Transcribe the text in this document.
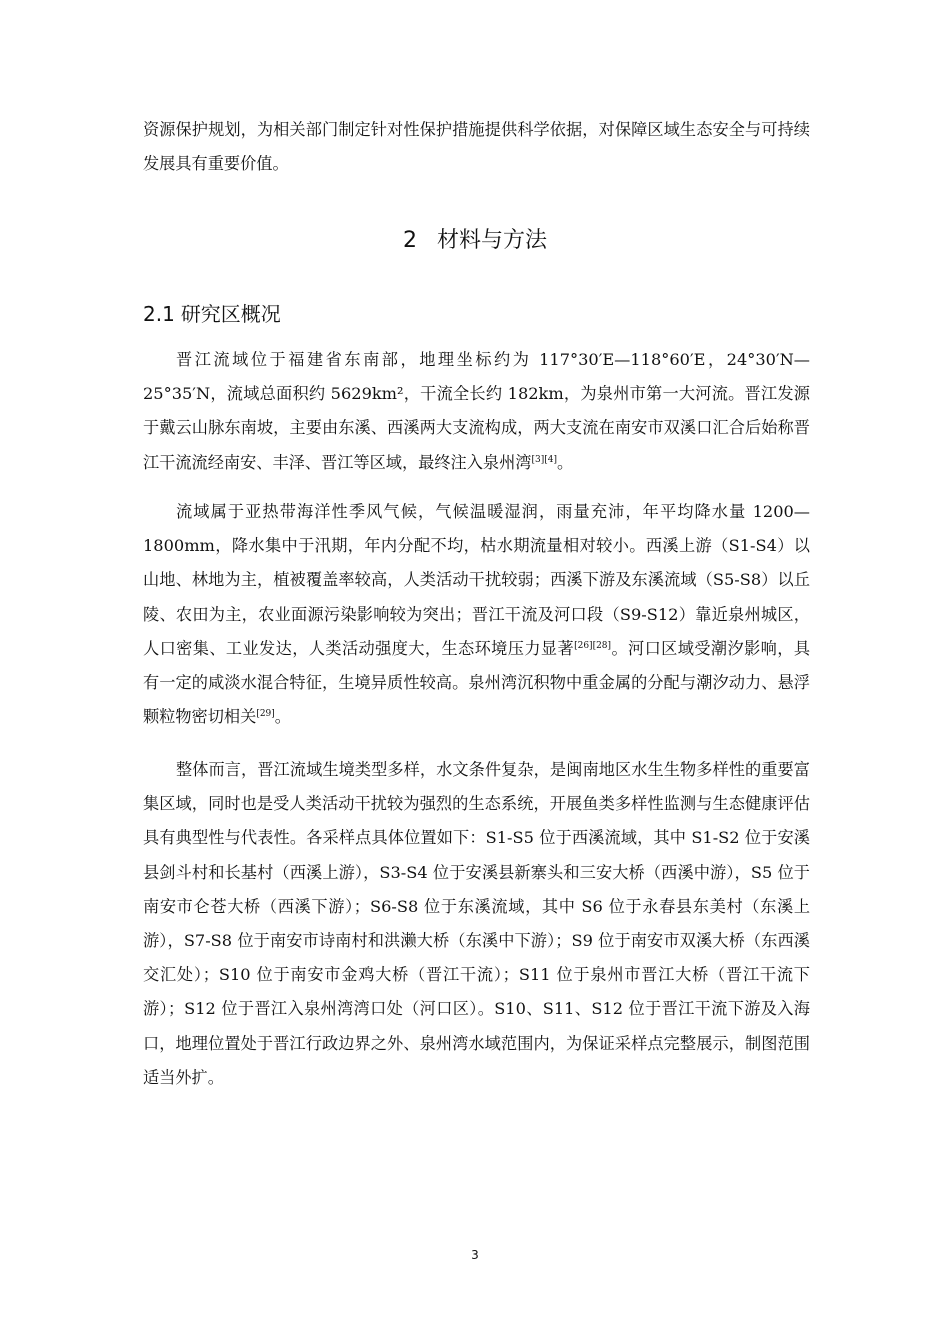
资源保护规划，为相关部门制定针对性保护措施提供科学依据，对保障区域生态安全与可持续发展具有重要价值。

2 材料与方法
2.1 研究区概况

晋江流域位于福建省东南部，地理坐标约为 117°30′E—118°60′E，24°30′N—25°35′N，流域总面积约 5629km²，干流全长约 182km，为泉州市第一大河流。晋江发源于戴云山脉东南坡，主要由东溪、西溪两大支流构成，两大支流在南安市双溪口汇合后始称晋江干流流经南安、丰泽、晋江等区域，最终注入泉州湾[3][4]。

流域属于亚热带海洋性季风气候，气候温暖湿润，雨量充沛，年平均降水量 1200—1800mm，降水集中于汛期，年内分配不均，枯水期流量相对较小。西溪上游（S1-S4）以山地、林地为主，植被覆盖率较高，人类活动干扰较弱；西溪下游及东溪流域（S5-S8）以丘陵、农田为主，农业面源污染影响较为突出；晋江干流及河口段（S9-S12）靠近泉州城区，人口密集、工业发达，人类活动强度大，生态环境压力显著[26][28]。河口区域受潮汐影响，具有一定的咸淡水混合特征，生境异质性较高。泉州湾沉积物中重金属的分配与潮汐动力、悬浮颗粒物密切相关[29]。

整体而言，晋江流域生境类型多样，水文条件复杂，是闽南地区水生生物多样性的重要富集区域，同时也是受人类活动干扰较为强烈的生态系统，开展鱼类多样性监测与生态健康评估具有典型性与代表性。各采样点具体位置如下：S1-S5 位于西溪流域，其中 S1-S2 位于安溪县剑斗村和长基村（西溪上游），S3-S4 位于安溪县新寨头和三安大桥（西溪中游），S5 位于南安市仑苍大桥（西溪下游）；S6-S8 位于东溪流域，其中 S6 位于永春县东美村（东溪上游），S7-S8 位于南安市诗南村和洪濑大桥（东溪中下游）；S9 位于南安市双溪大桥（东西溪交汇处）；S10 位于南安市金鸡大桥（晋江干流）；S11 位于泉州市晋江大桥（晋江干流下游）；S12 位于晋江入泉州湾湾口处（河口区）。S10、S11、S12 位于晋江干流下游及入海口，地理位置处于晋江行政边界之外、泉州湾水域范围内，为保证采样点完整展示，制图范围适当外扩。

3
